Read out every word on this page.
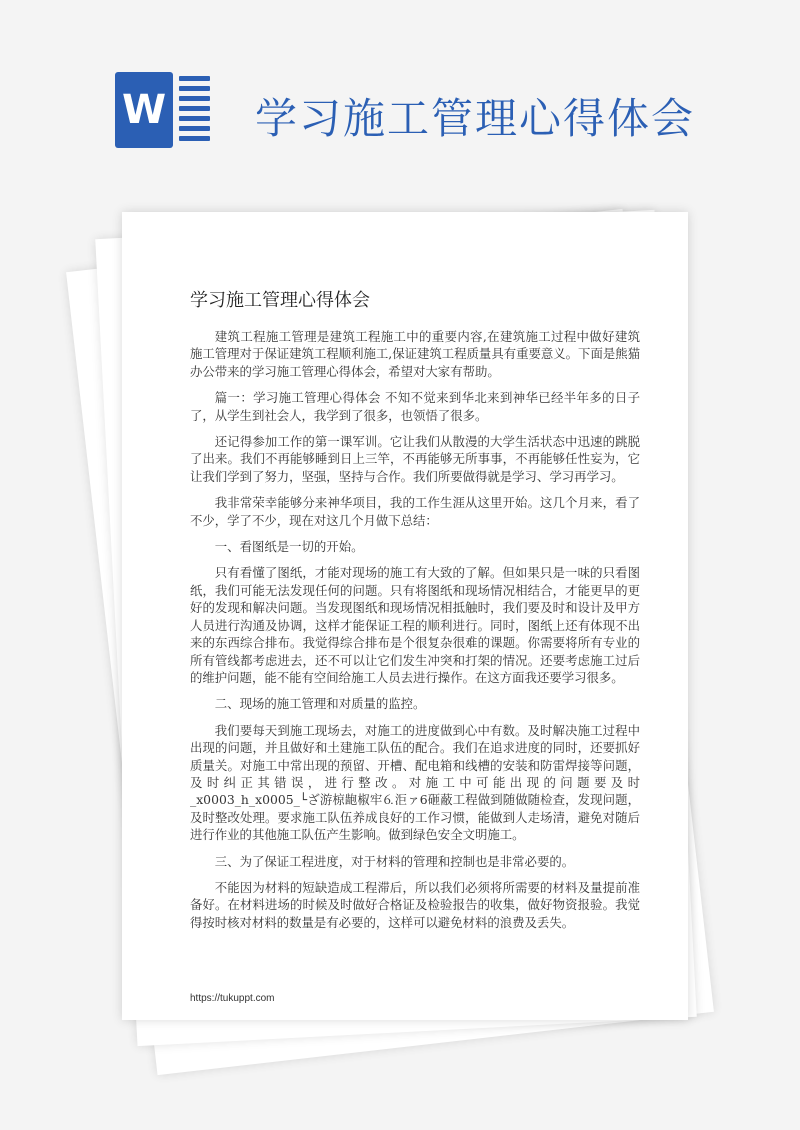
W 学习施工管理心得体会
学习施工管理心得体会

建筑工程施工管理是建筑工程施工中的重要内容,在建筑施工过程中做好建筑施工管理对于保证建筑工程顺利施工,保证建筑工程质量具有重要意义。下面是熊猫办公带来的学习施工管理心得体会，希望对大家有帮助。

篇一：学习施工管理心得体会 不知不觉来到华北来到神华已经半年多的日子了，从学生到社会人，我学到了很多，也领悟了很多。

还记得参加工作的第一课军训。它让我们从散漫的大学生活状态中迅速的跳脱了出来。我们不再能够睡到日上三竿，不再能够无所事事，不再能够任性妄为，它让我们学到了努力，坚强，坚持与合作。我们所要做得就是学习、学习再学习。

我非常荣幸能够分来神华项目，我的工作生涯从这里开始。这几个月来，看了不少，学了不少，现在对这几个月做下总结：

一、看图纸是一切的开始。

只有看懂了图纸，才能对现场的施工有大致的了解。但如果只是一味的只看图纸，我们可能无法发现任何的问题。只有将图纸和现场情况相结合，才能更早的更好的发现和解决问题。当发现图纸和现场情况相抵触时，我们要及时和设计及甲方人员进行沟通及协调，这样才能保证工程的顺利进行。同时，图纸上还有体现不出来的东西综合排布。我觉得综合排布是个很复杂很难的课题。你需要将所有专业的所有管线都考虑进去，还不可以让它们发生冲突和打架的情况。还要考虑施工过后的维护问题，能不能有空间给施工人员去进行操作。在这方面我还要学习很多。

二、现场的施工管理和对质量的监控。

我们要每天到施工现场去，对施工的进度做到心中有数。及时解决施工过程中出现的问题，并且做好和土建施工队伍的配合。我们在追求进度的同时，还要抓好质量关。对施工中常出现的预留、开槽、配电箱和线槽的安装和防雷焊接等问题，及时纠正其错误，进行整改。对施工中可能出现的问题要及时_x0003_h_x0005_└ざ游椋龅椒牢⒍洰ァ6砸蔽工程做到随做随检查，发现问题，及时整改处理。要求施工队伍养成良好的工作习惯，能做到人走场清，避免对随后进行作业的其他施工队伍产生影响。做到绿色安全文明施工。

三、为了保证工程进度，对于材料的管理和控制也是非常必要的。

不能因为材料的短缺造成工程滞后，所以我们必须将所需要的材料及量提前准备好。在材料进场的时候及时做好合格证及检验报告的收集，做好物资报验。我觉得按时核对材料的数量是有必要的，这样可以避免材料的浪费及丢失。

https://tukuppt.com
